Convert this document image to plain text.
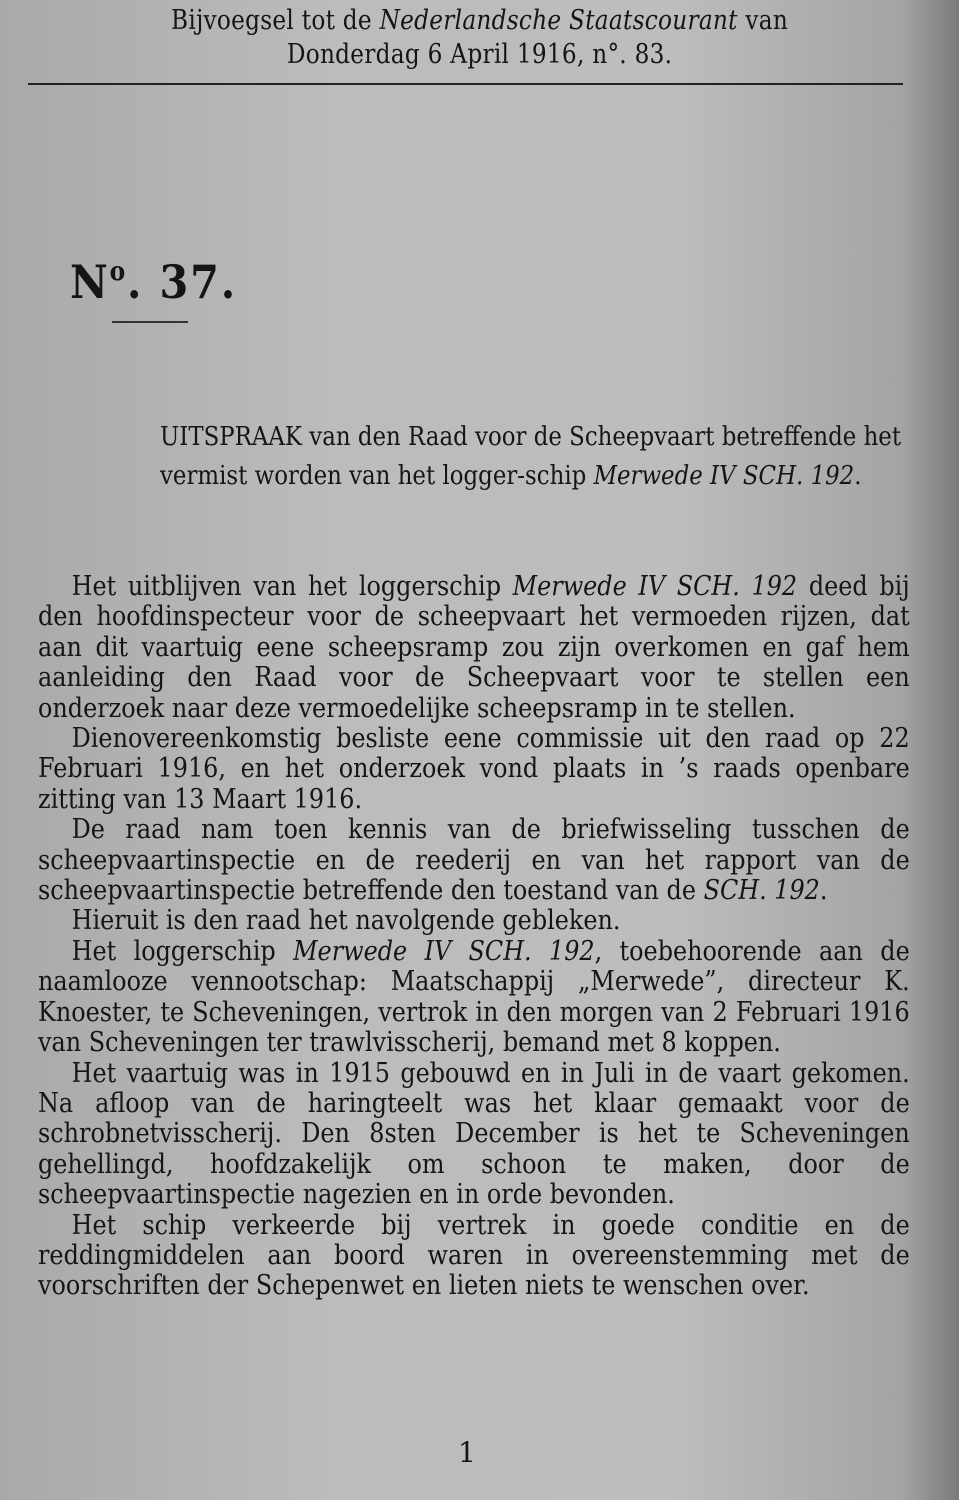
Bijvoegsel tot de Nederlandsche Staatscourant van
Donderdag 6 April 1916, n°. 83.
$N^o$. 37.
UITSPRAAK van den Raad voor de Scheepvaart betreffende het vermist worden van het logger-schip Merwede IV SCH. 192.

Het uitblijven van het loggerschip Merwede IV SCH. 192 deed bij den hoofdinspecteur voor de scheepvaart het vermoeden rijzen, dat aan dit vaartuig eene scheepsramp zou zijn overkomen en gaf hem aanleiding den Raad voor de Scheepvaart voor te stellen een onderzoek naar deze vermoedelijke scheepsramp in te stellen.

Dienovereenkomstig besliste eene commissie uit den raad op 22 Februari 1916, en het onderzoek vond plaats in ’s raads openbare zitting van 13 Maart 1916.

De raad nam toen kennis van de briefwisseling tusschen de scheepvaartinspectie en de reederij en van het rapport van de scheepvaartinspectie betreffende den toestand van de SCH. 192.

Hieruit is den raad het navolgende gebleken.

Het loggerschip Merwede IV SCH. 192, toebehoorende aan de naamlooze vennootschap: Maatschappij „Merwede”, directeur K. Knoester, te Scheveningen, vertrok in den morgen van 2 Februari 1916 van Scheveningen ter trawlvisscherij, bemand met 8 koppen.

Het vaartuig was in 1915 gebouwd en in Juli in de vaart gekomen. Na afloop van de haringteelt was het klaar gemaakt voor de schrobnetvisscherij. Den 8sten December is het te Scheveningen gehellingd, hoofdzakelijk om schoon te maken, door de scheepvaartinspectie nagezien en in orde bevonden.

Het schip verkeerde bij vertrek in goede conditie en de reddingmiddelen aan boord waren in overeenstemming met de voorschriften der Schepenwet en lieten niets te wenschen over.

1
